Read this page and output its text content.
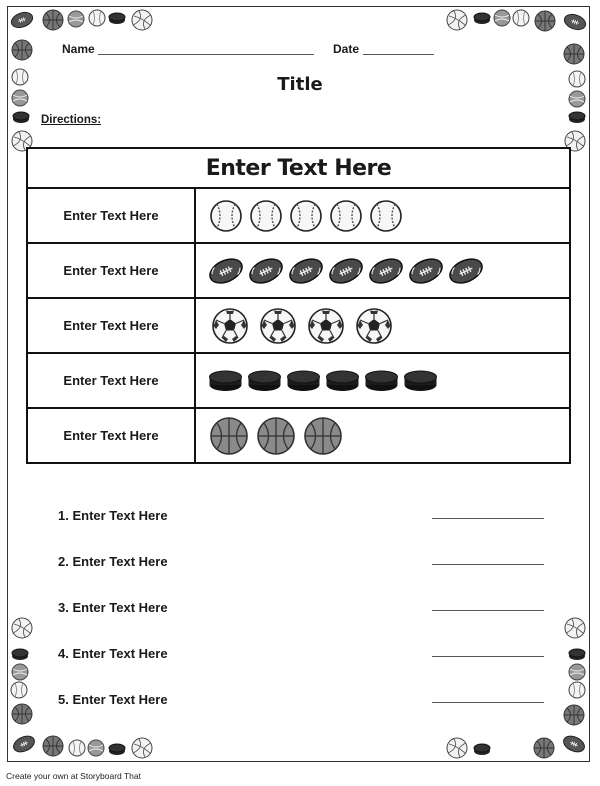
Name	Date
Title
Directions:
Enter Text Here	
Enter Text Here	

Enter Text Here	

Enter Text Here	

Enter Text Here	

Enter Text Here	
1. Enter Text Here
2. Enter Text Here
3. Enter Text Here
4. Enter Text Here
5. Enter Text Here
Create your own at Storyboard That
